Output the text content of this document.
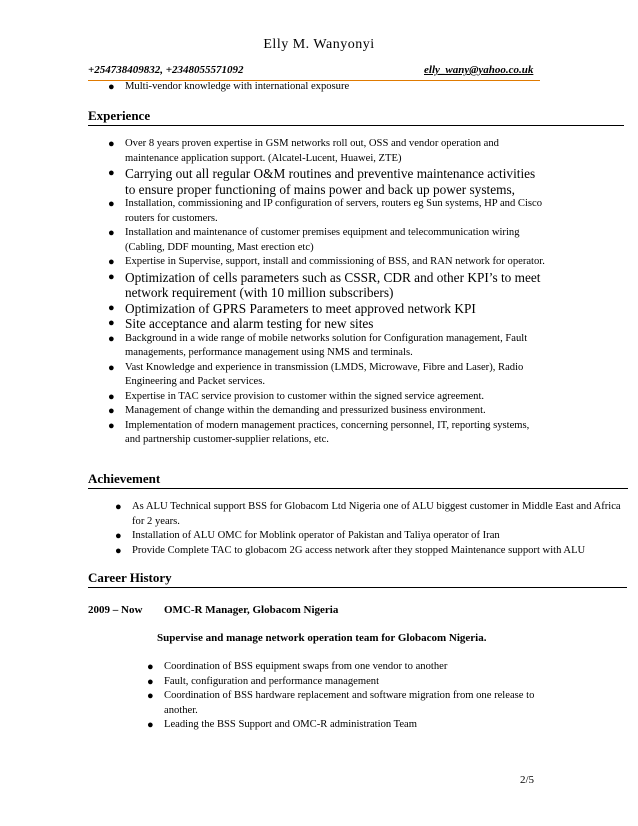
Elly M. Wanyonyi
+254738409832, +2348055571092	elly_wany@yahoo.co.uk
● Multi-vendor knowledge with international exposure
Experience
● Over 8 years proven expertise in GSM networks roll out, OSS and vendor operation and maintenance application support. (Alcatel-Lucent, Huawei, ZTE)
● Carrying out all regular O&M routines and preventive maintenance activities to ensure proper functioning of mains power and back up power systems,
● Installation, commissioning and IP configuration of servers, routers eg Sun systems, HP and Cisco routers for customers.
● Installation and maintenance of customer premises equipment and telecommunication wiring (Cabling, DDF mounting, Mast erection etc)
● Expertise in Supervise, support, install and commissioning of BSS, and RAN network for operator.
● Optimization of cells parameters such as CSSR, CDR and other KPI’s to meet network requirement (with 10 million subscribers)
● Optimization of GPRS Parameters to meet approved network KPI
● Site acceptance and alarm testing for new sites
● Background in a wide range of mobile networks solution for Configuration management, Fault managements, performance management using NMS and terminals.
● Vast Knowledge and experience in transmission (LMDS, Microwave, Fibre and Laser), Radio Engineering and Packet services.
● Expertise in TAC service provision to customer within the signed service agreement.
● Management of change within the demanding and pressurized business environment.
● Implementation of modern management practices, concerning personnel, IT, reporting systems, and partnership customer-supplier relations, etc.
Achievement
● As ALU Technical support BSS for Globacom Ltd Nigeria one of ALU biggest customer in Middle East and Africa for 2 years.
● Installation of ALU OMC for Moblink operator of Pakistan and Taliya operator of Iran
● Provide Complete TAC to globacom 2G access network after they stopped Maintenance support with ALU
Career History
2009 – Now OMC-R Manager, Globacom Nigeria
Supervise and manage network operation team for Globacom Nigeria.
● Coordination of BSS equipment swaps from one vendor to another
● Fault, configuration and performance management
● Coordination of BSS hardware replacement and software migration from one release to another.
● Leading the BSS Support and OMC-R administration Team
2/5
